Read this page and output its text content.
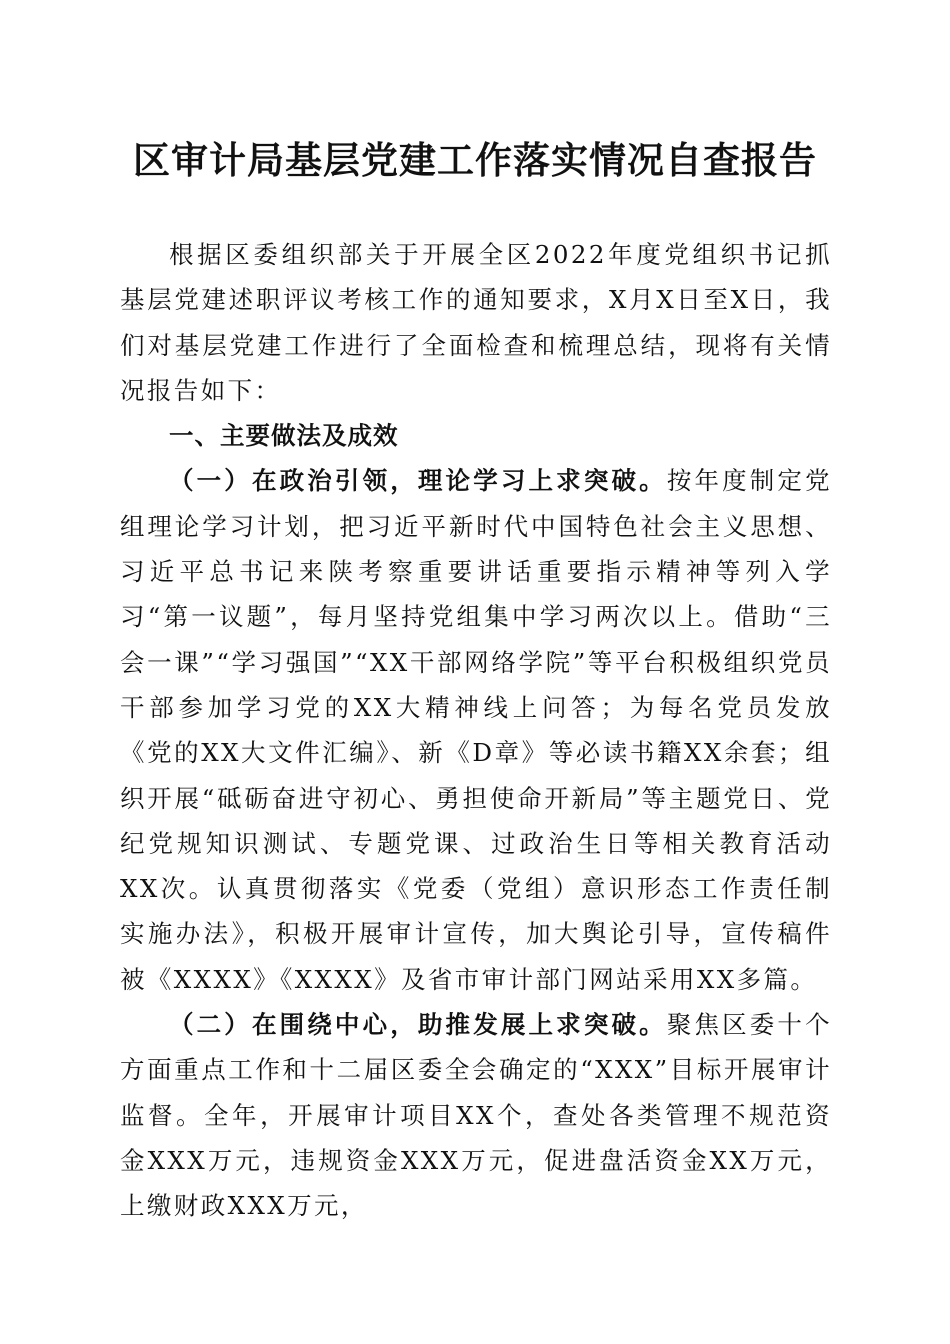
区审计局基层党建工作落实情况自查报告

根据区委组织部关于开展全区2022年度党组织书记抓基层党建述职评议考核工作的通知要求，X月X日至X日，我们对基层党建工作进行了全面检查和梳理总结，现将有关情况报告如下：

一、主要做法及成效

（一）在政治引领，理论学习上求突破。按年度制定党组理论学习计划，把习近平新时代中国特色社会主义思想、习近平总书记来陕考察重要讲话重要指示精神等列入学习“第一议题”，每月坚持党组集中学习两次以上。借助“三会一课”“学习强国”“XX干部网络学院”等平台积极组织党员干部参加学习党的XX大精神线上问答；为每名党员发放《党的XX大文件汇编》、新《D章》等必读书籍XX余套；组织开展“砥砺奋进守初心、勇担使命开新局”等主题党日、党纪党规知识测试、专题党课、过政治生日等相关教育活动XX次。认真贯彻落实《党委（党组）意识形态工作责任制实施办法》，积极开展审计宣传，加大舆论引导，宣传稿件被《XXXX》《XXXX》及省市审计部门网站采用XX多篇。

（二）在围绕中心，助推发展上求突破。聚焦区委十个方面重点工作和十二届区委全会确定的“XXX”目标开展审计监督。全年，开展审计项目XX个，查处各类管理不规范资金XXX万元，违规资金XXX万元，促进盘活资金XX万元，上缴财政XXX万元，
